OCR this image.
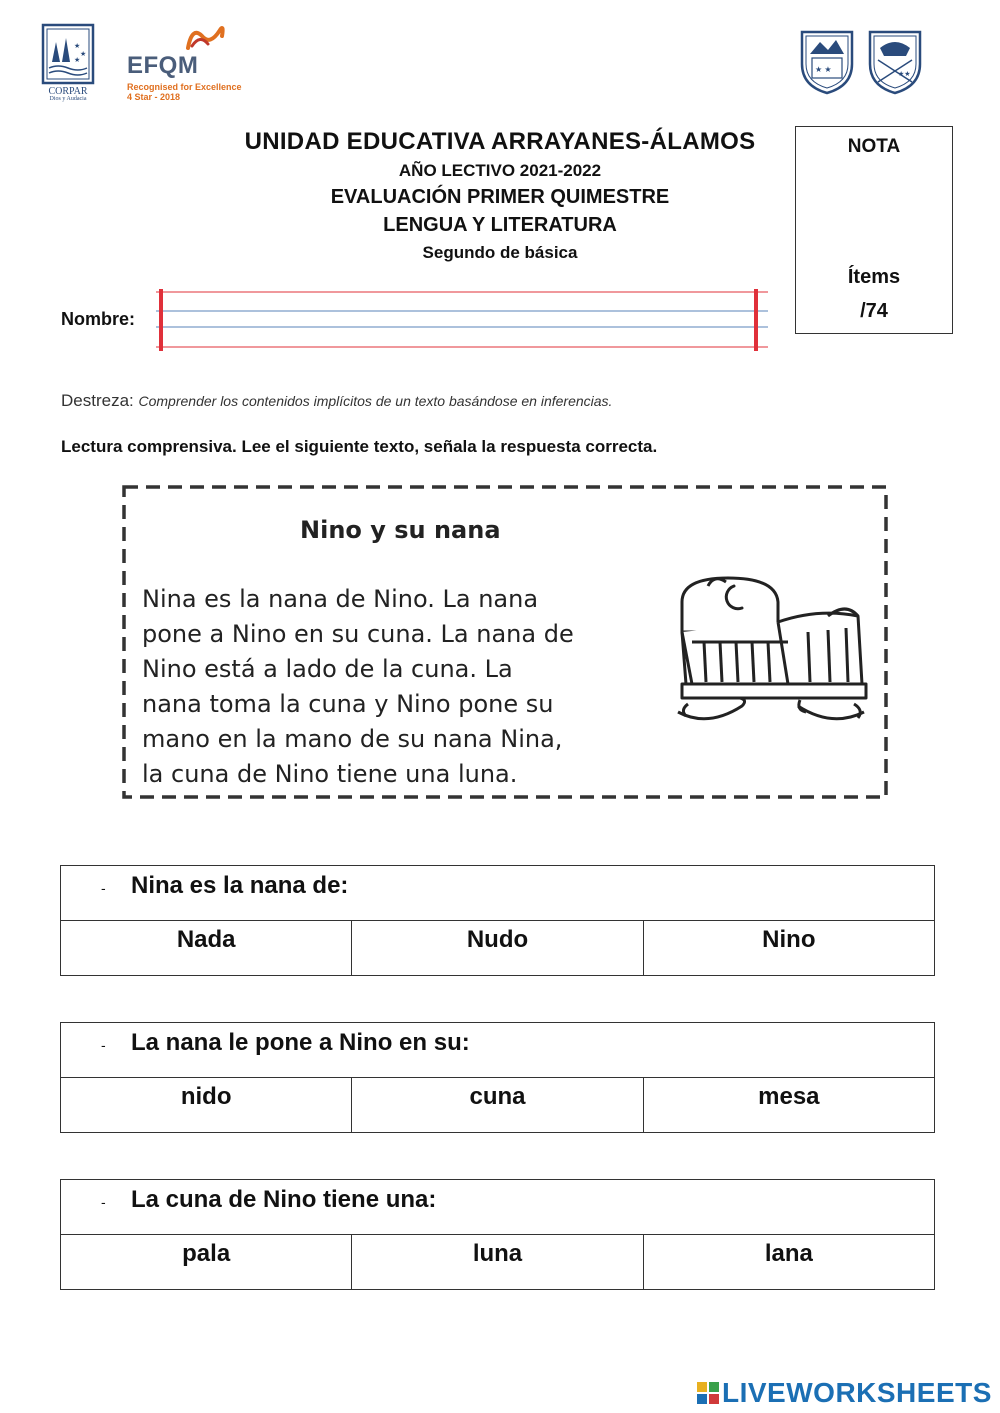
★
★
★
CORPAR
Dios y Audacia
EFQM
Recognised for Excellence
4 Star - 2018
★ ★
★★
UNIDAD EDUCATIVA ARRAYANES-ÁLAMOS
AÑO LECTIVO 2021-2022
EVALUACIÓN PRIMER QUIMESTRE
LENGUA Y LITERATURA
Segundo de básica
NOTA
Ítems
/74
Nombre:
Destreza: Comprender los contenidos implícitos de un texto basándose en inferencias.
Lectura comprensiva. Lee el siguiente texto, señala la respuesta correcta.
Nino y su nana
Nina es la nana de Nino. La nana
pone a Nino en su cuna. La nana de
Nino está a lado de la cuna. La
nana toma la cuna y Nino pone su
mano en la mano de su nana Nina,
la cuna de Nino tiene una luna.
- Nina es la nana de:
Nada	Nudo	Nino
- La nana le pone a Nino en su:
nido	cuna	mesa
- La cuna de Nino tiene una:
pala	luna	lana
LIVEWORKSHEETS
